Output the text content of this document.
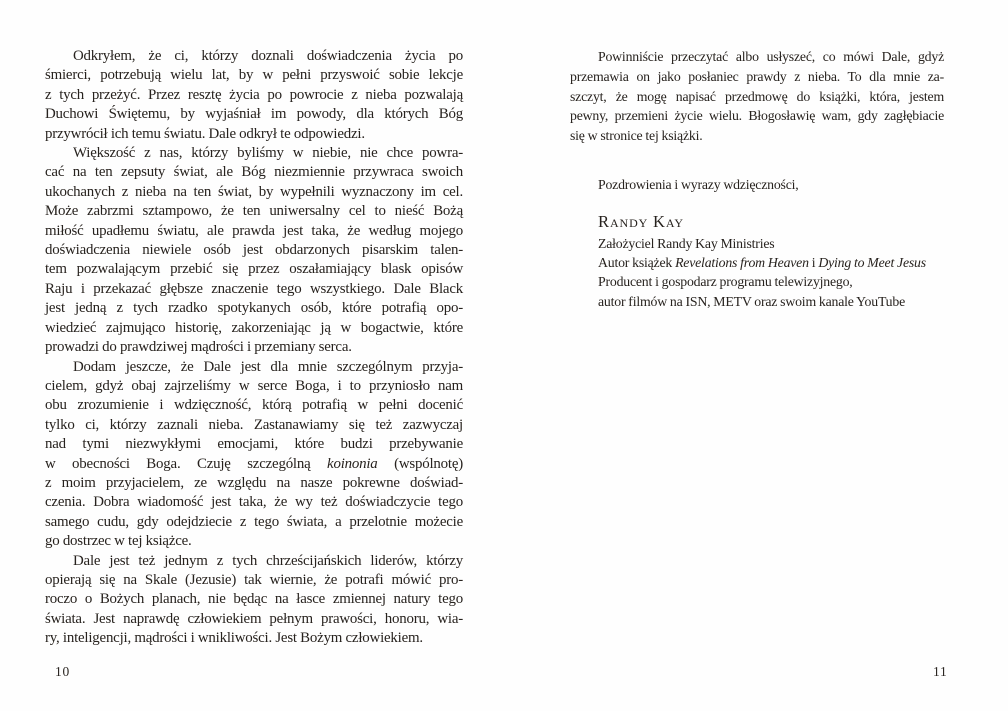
Odkryłem, że ci, którzy doznali doświadczenia życia po
śmierci, potrzebują wielu lat, by w pełni przyswoić sobie lekcje
z tych przeżyć. Przez resztę życia po powrocie z nieba pozwalają
Duchowi Świętemu, by wyjaśniał im powody, dla których Bóg
przywrócił ich temu światu. Dale odkrył te odpowiedzi.
Większość z nas, którzy byliśmy w niebie, nie chce powra-
cać na ten zepsuty świat, ale Bóg niezmiennie przywraca swoich
ukochanych z nieba na ten świat, by wypełnili wyznaczony im cel.
Może zabrzmi sztampowo, że ten uniwersalny cel to nieść Bożą
miłość upadłemu światu, ale prawda jest taka, że według mojego
doświadczenia niewiele osób jest obdarzonych pisarskim talen-
tem pozwalającym przebić się przez oszałamiający blask opisów
Raju i przekazać głębsze znaczenie tego wszystkiego. Dale Black
jest jedną z tych rzadko spotykanych osób, które potrafią opo-
wiedzieć zajmująco historię, zakorzeniając ją w bogactwie, które
prowadzi do prawdziwej mądrości i przemiany serca.
Dodam jeszcze, że Dale jest dla mnie szczególnym przyja-
cielem, gdyż obaj zajrzeliśmy w serce Boga, i to przyniosło nam
obu zrozumienie i wdzięczność, którą potrafią w pełni docenić
tylko ci, którzy zaznali nieba. Zastanawiamy się też zazwyczaj
nad tymi niezwykłymi emocjami, które budzi przebywanie
w obecności Boga. Czuję szczególną koinonia (wspólnotę)
z moim przyjacielem, ze względu na nasze pokrewne doświad-
czenia. Dobra wiadomość jest taka, że wy też doświadczycie tego
samego cudu, gdy odejdziecie z tego świata, a przelotnie możecie
go dostrzec w tej książce.
Dale jest też jednym z tych chrześcijańskich liderów, którzy
opierają się na Skale (Jezusie) tak wiernie, że potrafi mówić pro-
roczo o Bożych planach, nie będąc na łasce zmiennej natury tego
świata. Jest naprawdę człowiekiem pełnym prawości, honoru, wia-
ry, inteligencji, mądrości i wnikliwości. Jest Bożym człowiekiem.
Powinniście przeczytać albo usłyszeć, co mówi Dale, gdyż
przemawia on jako posłaniec prawdy z nieba. To dla mnie za-
szczyt, że mogę napisać przedmowę do książki, która, jestem
pewny, przemieni życie wielu. Błogosławię wam, gdy zagłębiacie
się w stronice tej książki.
Pozdrowienia i wyrazy wdzięczności,
Randy Kay
Założyciel Randy Kay Ministries
Autor książek Revelations from Heaven i Dying to Meet Jesus
Producent i gospodarz programu telewizyjnego,
autor filmów na ISN, METV oraz swoim kanale YouTube
10	11
